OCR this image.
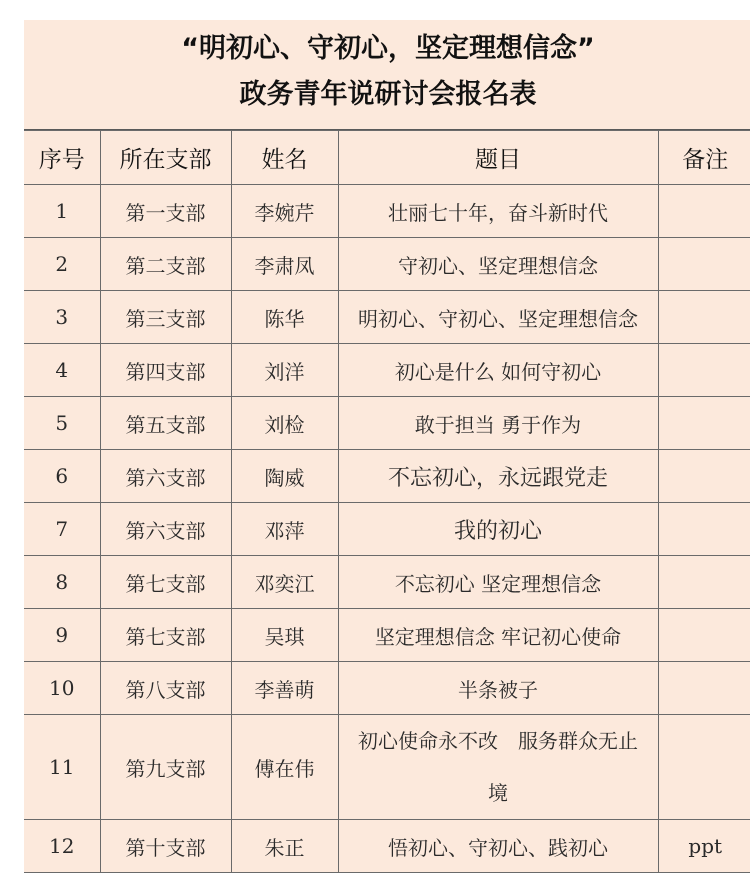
“明初心、守初心，坚定理想信念”
政务青年说研讨会报名表
序号	所在支部	姓名	题目	备注
1	第一支部	李婉芹	壮丽七十年，奋斗新时代	
2	第二支部	李肃凤	守初心、坚定理想信念	
3	第三支部	陈华	明初心、守初心、坚定理想信念	
4	第四支部	刘洋	初心是什么 如何守初心	
5	第五支部	刘检	敢于担当 勇于作为	
6	第六支部	陶威	不忘初心，永远跟党走	
7	第六支部	邓萍	我的初心	
8	第七支部	邓奕江	不忘初心 坚定理想信念	
9	第七支部	吴琪	坚定理想信念 牢记初心使命	
10	第八支部	李善萌	半条被子	
11	第九支部	傅在伟	初心使命永不改　服务群众无止境	

12	第十支部	朱正	悟初心、守初心、践初心	ppt
